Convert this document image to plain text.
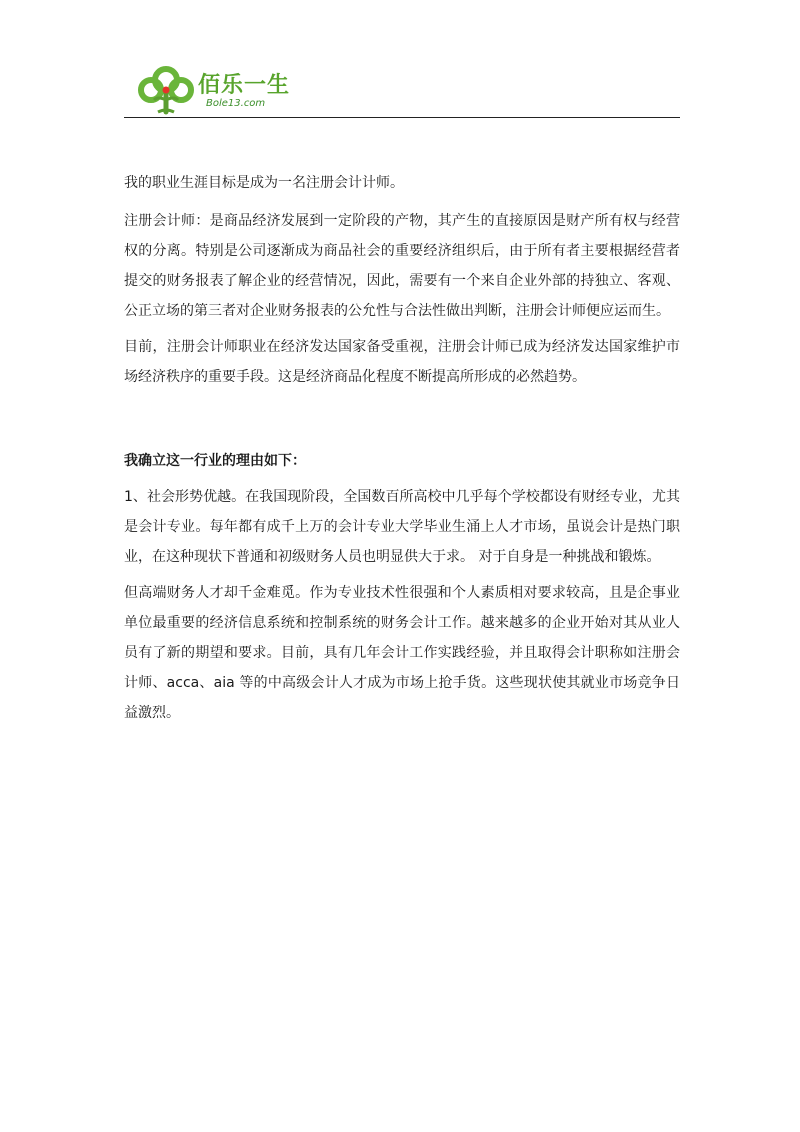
佰乐一生
Bole13.com

我的职业生涯目标是成为一名注册会计计师。

注册会计师：是商品经济发展到一定阶段的产物，其产生的直接原因是财产所有权与经营权的分离。特别是公司逐渐成为商品社会的重要经济组织后，由于所有者主要根据经营者提交的财务报表了解企业的经营情况，因此，需要有一个来自企业外部的持独立、客观、公正立场的第三者对企业财务报表的公允性与合法性做出判断，注册会计师便应运而生。

目前，注册会计师职业在经济发达国家备受重视，注册会计师已成为经济发达国家维护市场经济秩序的重要手段。这是经济商品化程度不断提高所形成的必然趋势。

我确立这一行业的理由如下：

1、社会形势优越。在我国现阶段，全国数百所高校中几乎每个学校都设有财经专业，尤其是会计专业。每年都有成千上万的会计专业大学毕业生涌上人才市场，虽说会计是热门职业，在这种现状下普通和初级财务人员也明显供大于求。 对于自身是一种挑战和锻炼。

但高端财务人才却千金难觅。作为专业技术性很强和个人素质相对要求较高，且是企事业单位最重要的经济信息系统和控制系统的财务会计工作。越来越多的企业开始对其从业人员有了新的期望和要求。目前，具有几年会计工作实践经验，并且取得会计职称如注册会计师、acca、aia 等的中高级会计人才成为市场上抢手货。这些现状使其就业市场竞争日益激烈。
